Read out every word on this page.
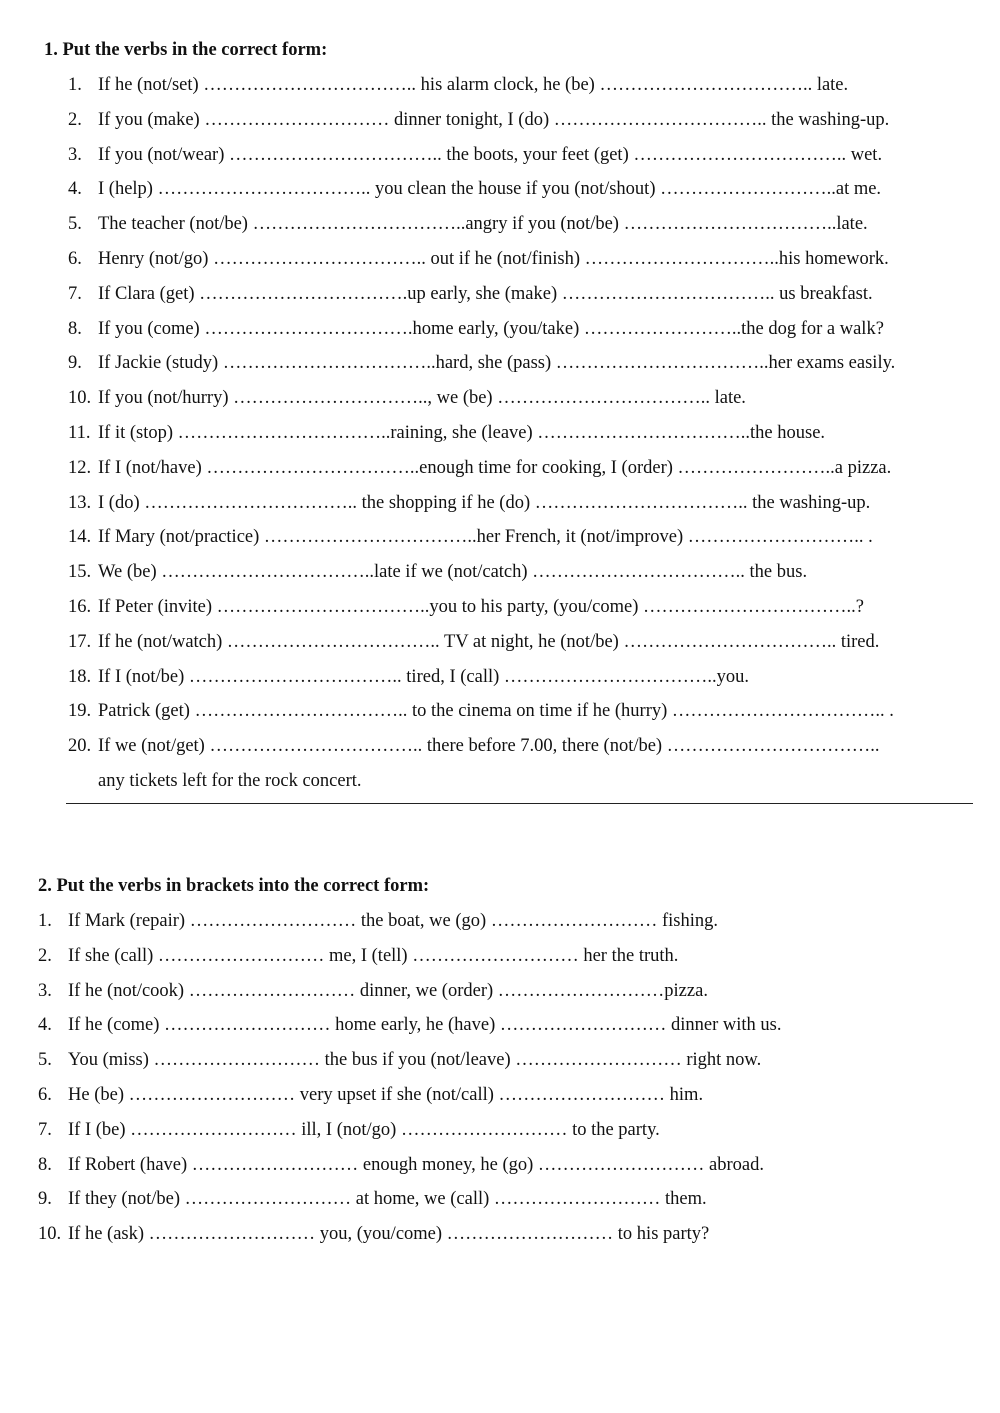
1. Put the verbs in the correct form:
1. If he (not/set) …………………………….. his alarm clock, he (be) …………………………….. late.
2. If you (make) ………………………… dinner tonight, I (do) …………………………….. the washing-up.
3. If you (not/wear) …………………………….. the boots, your feet (get) …………………………….. wet.
4. I (help) …………………………….. you clean the house if you (not/shout) ………………………..at me.
5. The teacher (not/be) ……………………………..angry if you (not/be) ……………………………..late.
6. Henry (not/go) …………………………….. out if he (not/finish) …………………………..his homework.
7. If Clara (get) …………………………….up early, she (make) …………………………….. us breakfast.
8. If you (come) …………………………….home early, (you/take) ……………………..the dog for a walk?
9. If Jackie (study) ……………………………..hard, she (pass) ……………………………..her exams easily.
10. If you (not/hurry) ………………………….., we (be) …………………………….. late.
11. If it (stop) ……………………………..raining, she (leave) ……………………………..the house.
12. If I (not/have) ……………………………..enough time for cooking, I (order) ……………………..a pizza.
13. I (do) …………………………….. the shopping if he (do) …………………………….. the washing-up.
14. If Mary (not/practice) ……………………………..her French, it (not/improve) ……………………….. .
15. We (be) ……………………………..late if we (not/catch) …………………………….. the bus.
16. If Peter (invite) ……………………………..you to his party, (you/come) ……………………………..?
17. If he (not/watch) …………………………….. TV at night, he (not/be) …………………………….. tired.
18. If I (not/be) …………………………….. tired, I (call) ……………………………..you.
19. Patrick (get) …………………………….. to the cinema on time if he (hurry) …………………………….. .
20. If we (not/get) …………………………….. there before 7.00, there (not/be) ……………………………..
any tickets left for the rock concert.
2. Put the verbs in brackets into the correct form:
1. If Mark (repair) ……………………… the boat, we (go) ……………………… fishing.
2. If she (call) ……………………… me, I (tell) ……………………… her the truth.
3. If he (not/cook) ……………………… dinner, we (order) ………………………pizza.
4. If he (come) ……………………… home early, he (have) ……………………… dinner with us.
5. You (miss) ……………………… the bus if you (not/leave) ……………………… right now.
6. He (be) ……………………… very upset if she (not/call) ……………………… him.
7. If I (be) ……………………… ill, I (not/go) ……………………… to the party.
8. If Robert (have) ……………………… enough money, he (go) ……………………… abroad.
9. If they (not/be) ……………………… at home, we (call) ……………………… them.
10. If he (ask) ……………………… you, (you/come) ……………………… to his party?
